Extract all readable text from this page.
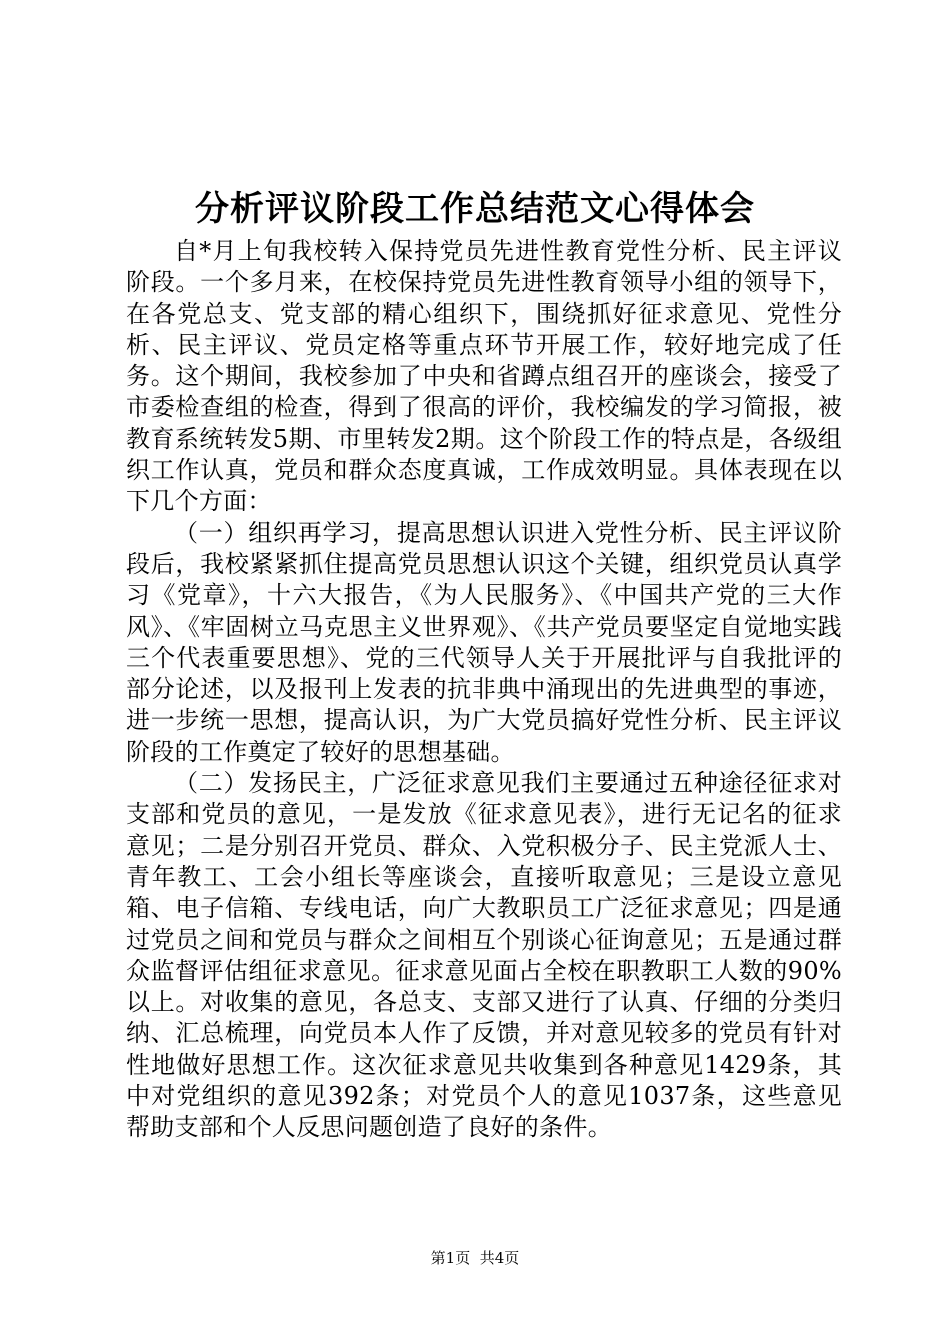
分析评议阶段工作总结范文心得体会

自*月上旬我校转入保持党员先进性教育党性分析、民主评议阶段。一个多月来，在校保持党员先进性教育领导小组的领导下，在各党总支、党支部的精心组织下，围绕抓好征求意见、党性分析、民主评议、党员定格等重点环节开展工作，较好地完成了任务。这个期间，我校参加了中央和省蹲点组召开的座谈会，接受了市委检查组的检查，得到了很高的评价，我校编发的学习简报，被教育系统转发5期、市里转发2期。这个阶段工作的特点是，各级组织工作认真，党员和群众态度真诚，工作成效明显。具体表现在以下几个方面：

（一）组织再学习，提高思想认识进入党性分析、民主评议阶段后，我校紧紧抓住提高党员思想认识这个关键，组织党员认真学习《党章》，十六大报告，《为人民服务》、《中国共产党的三大作风》、《牢固树立马克思主义世界观》、《共产党员要坚定自觉地实践三个代表重要思想》、党的三代领导人关于开展批评与自我批评的部分论述，以及报刊上发表的抗非典中涌现出的先进典型的事迹，进一步统一思想，提高认识，为广大党员搞好党性分析、民主评议阶段的工作奠定了较好的思想基础。

（二）发扬民主，广泛征求意见我们主要通过五种途径征求对支部和党员的意见，一是发放《征求意见表》，进行无记名的征求意见；二是分别召开党员、群众、入党积极分子、民主党派人士、青年教工、工会小组长等座谈会，直接听取意见；三是设立意见箱、电子信箱、专线电话，向广大教职员工广泛征求意见；四是通过党员之间和党员与群众之间相互个别谈心征询意见；五是通过群众监督评估组征求意见。征求意见面占全校在职教职工人数的90%以上。对收集的意见，各总支、支部又进行了认真、仔细的分类归纳、汇总梳理，向党员本人作了反馈，并对意见较多的党员有针对性地做好思想工作。这次征求意见共收集到各种意见1429条，其中对党组织的意见392条；对党员个人的意见1037条，这些意见帮助支部和个人反思问题创造了良好的条件。

第1页 共4页
